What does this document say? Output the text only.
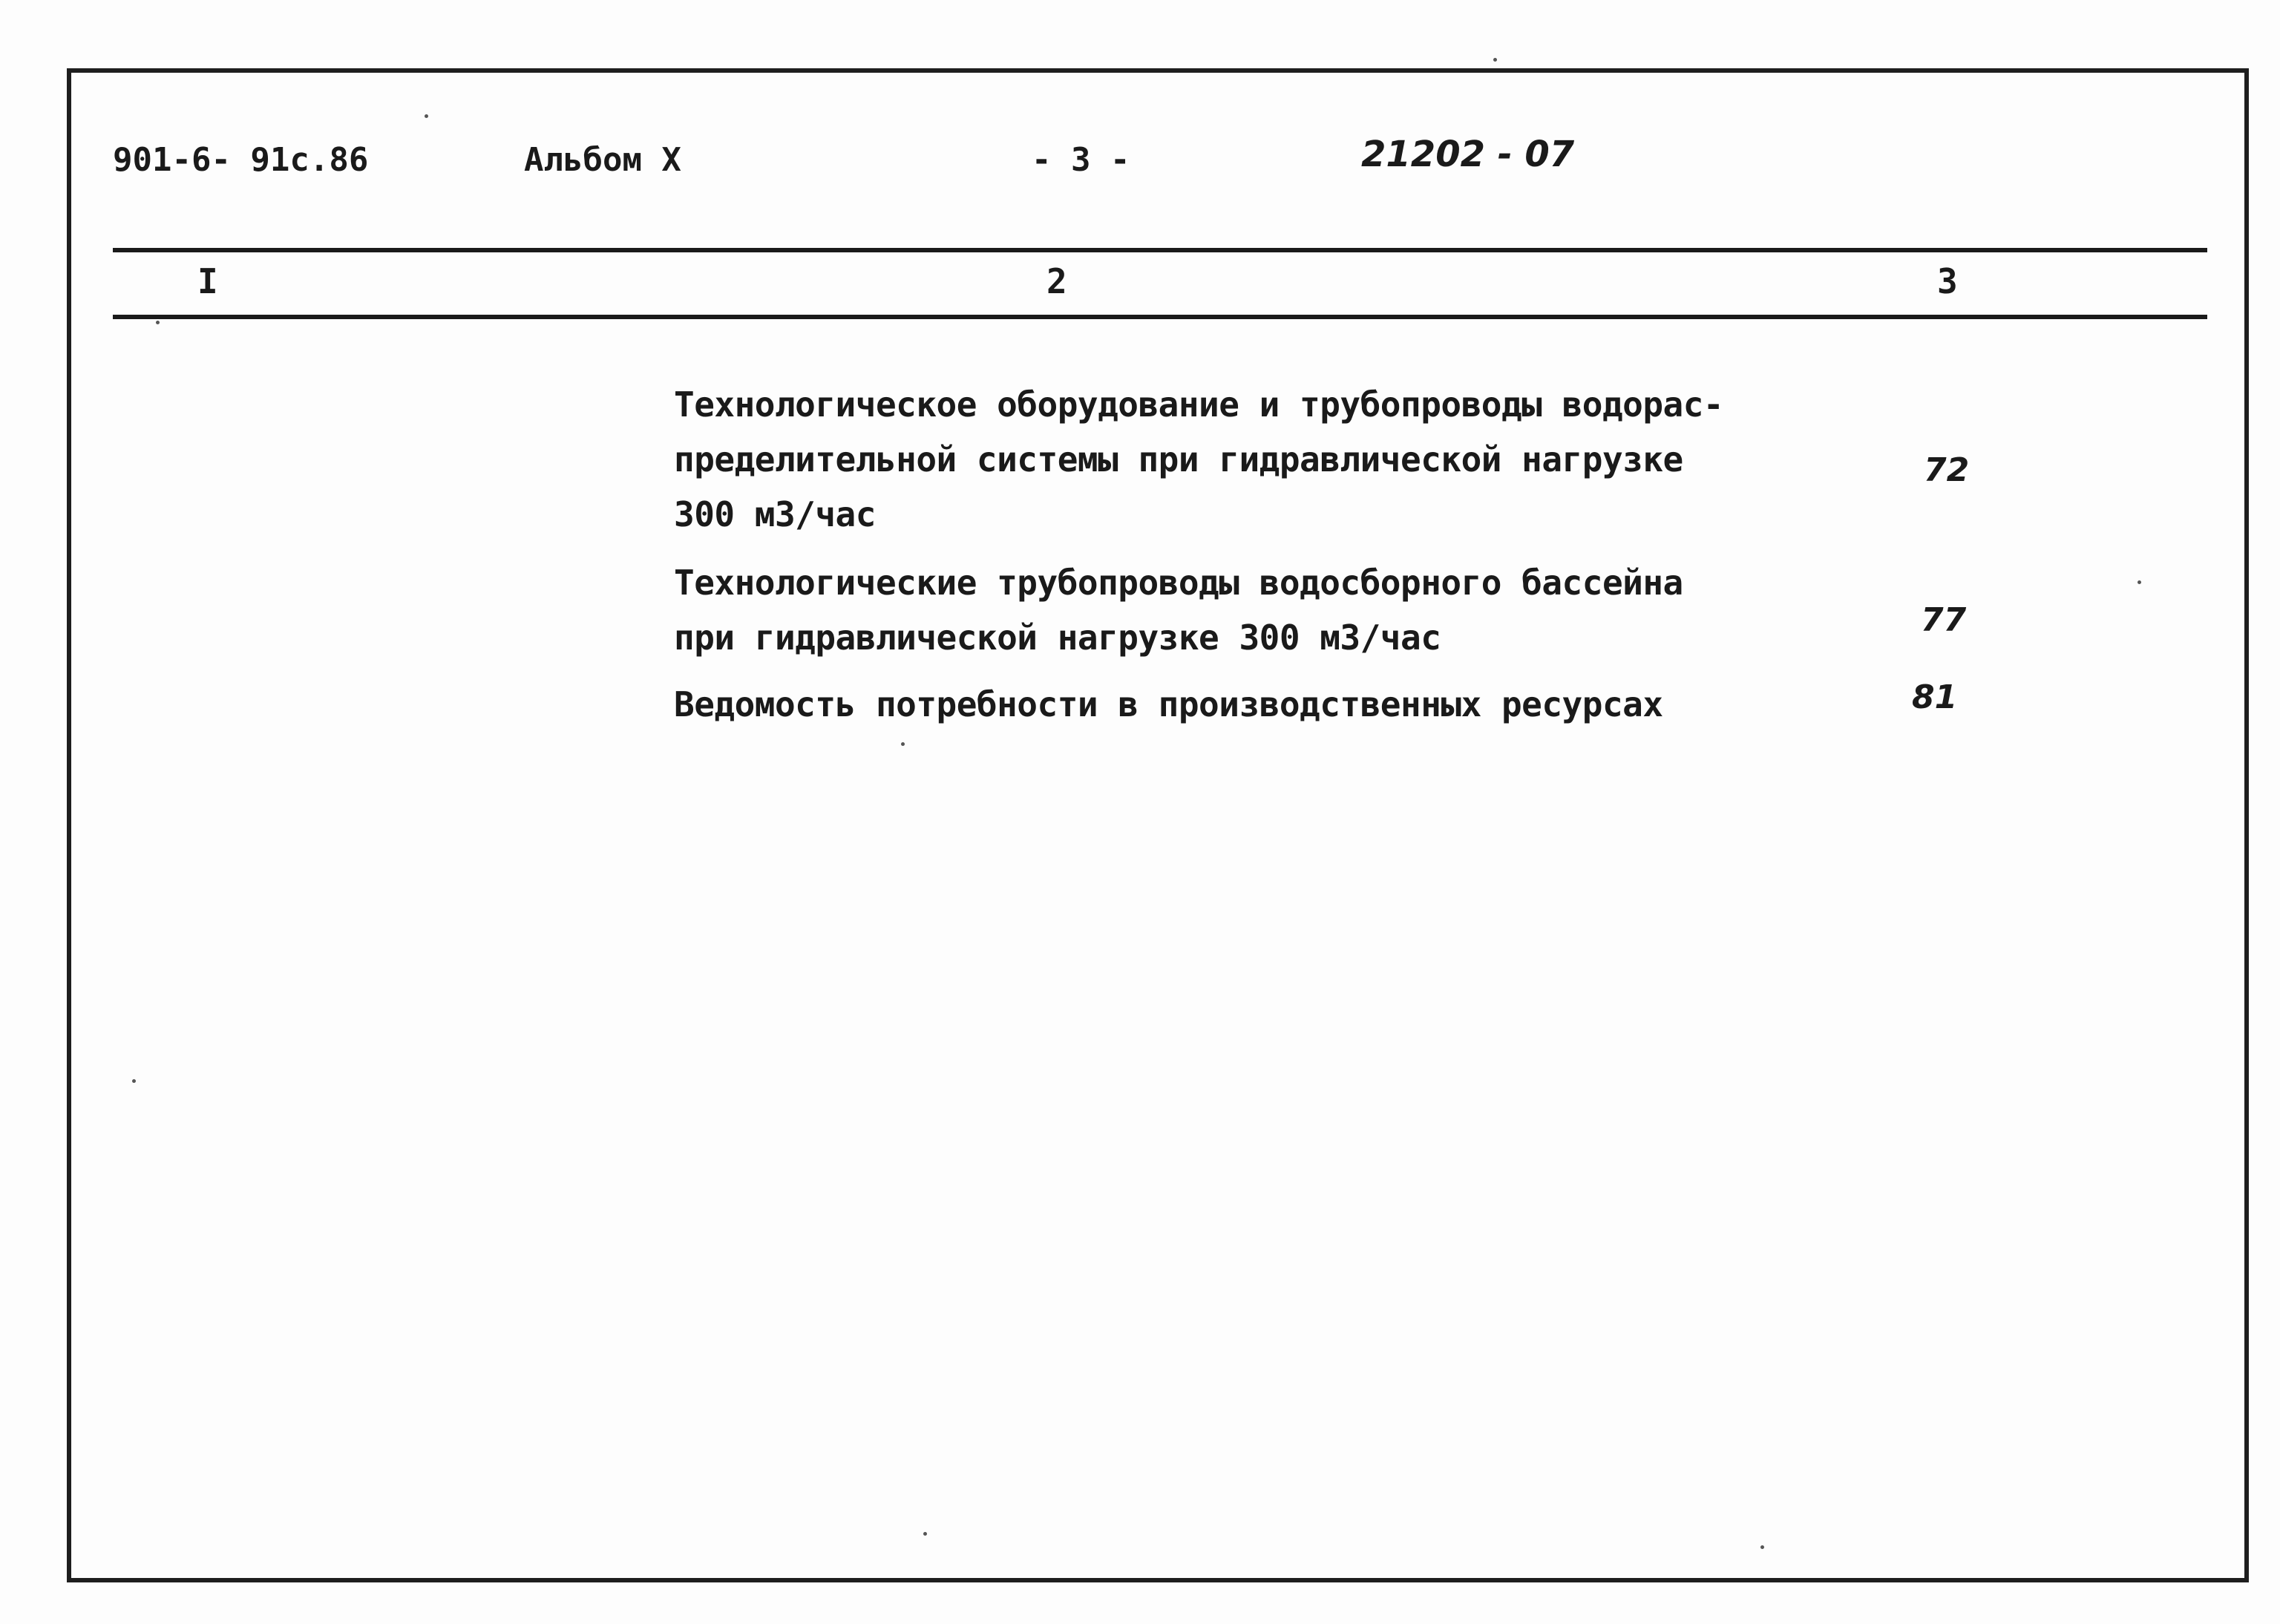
901-6- 91с.86	Альбом X	- 3 -	21202 - 07
I	2	3
Технологическое оборудование и трубопроводы водорас-
пределительной системы при гидравлической нагрузке
300 м3/час
72
Технологические трубопроводы водосборного бассейна
при гидравлической нагрузке 300 м3/час	77
Ведомость потребности в производственных ресурсах	81
